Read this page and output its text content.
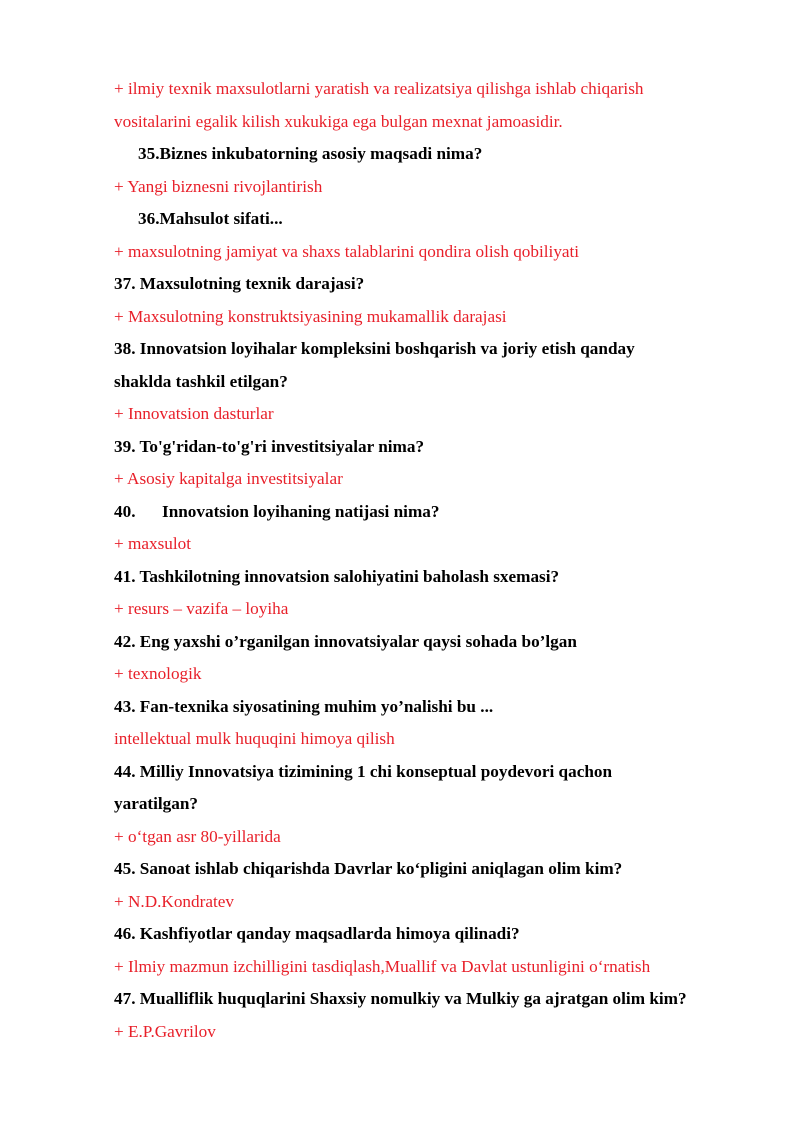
+ ilmiy texnik maxsulotlarni yaratish va realizatsiya qilishga ishlab chiqarish
vositalarini egalik kilish xukukiga ega bulgan mexnat jamoasidir.
35.Biznes inkubatorning asosiy maqsadi nima?
+ Yangi biznesni rivojlantirish
36.Mahsulot sifati...
+ maxsulotning jamiyat va shaxs talablarini qondira olish qobiliyati
37. Maxsulotning texnik darajasi?
+ Maxsulotning konstruktsiyasining mukamallik darajasi
38. Innovatsion loyihalar kompleksini boshqarish va joriy etish qanday
shaklda tashkil etilgan?
+ Innovatsion dasturlar
39. To'g'ridan-to'g'ri investitsiyalar nima?
+ Asosiy kapitalga investitsiyalar
40. Innovatsion loyihaning natijasi nima?
+ maxsulot
41. Tashkilotning innovatsion salohiyatini baholash sxemasi?
+ resurs – vazifa – loyiha
42. Eng yaxshi o’rganilgan innovatsiyalar qaysi sohada bo’lgan
+ texnologik
43. Fan-texnika siyosatining muhim yo’nalishi bu ...
intellektual mulk huquqini himoya qilish
44. Milliy Innovatsiya tizimining 1 chi konseptual poydevori qachon
yaratilgan?
+ o‘tgan asr 80-yillarida
45. Sanoat ishlab chiqarishda Davrlar ko‘pligini aniqlagan olim kim?
+ N.D.Kondratev
46. Kashfiyotlar qanday maqsadlarda himoya qilinadi?
+ Ilmiy mazmun izchilligini tasdiqlash,Muallif va Davlat ustunligini o‘rnatish
47. Mualliflik huquqlarini Shaxsiy nomulkiy va Mulkiy ga ajratgan olim kim?
+ E.P.Gavrilov
